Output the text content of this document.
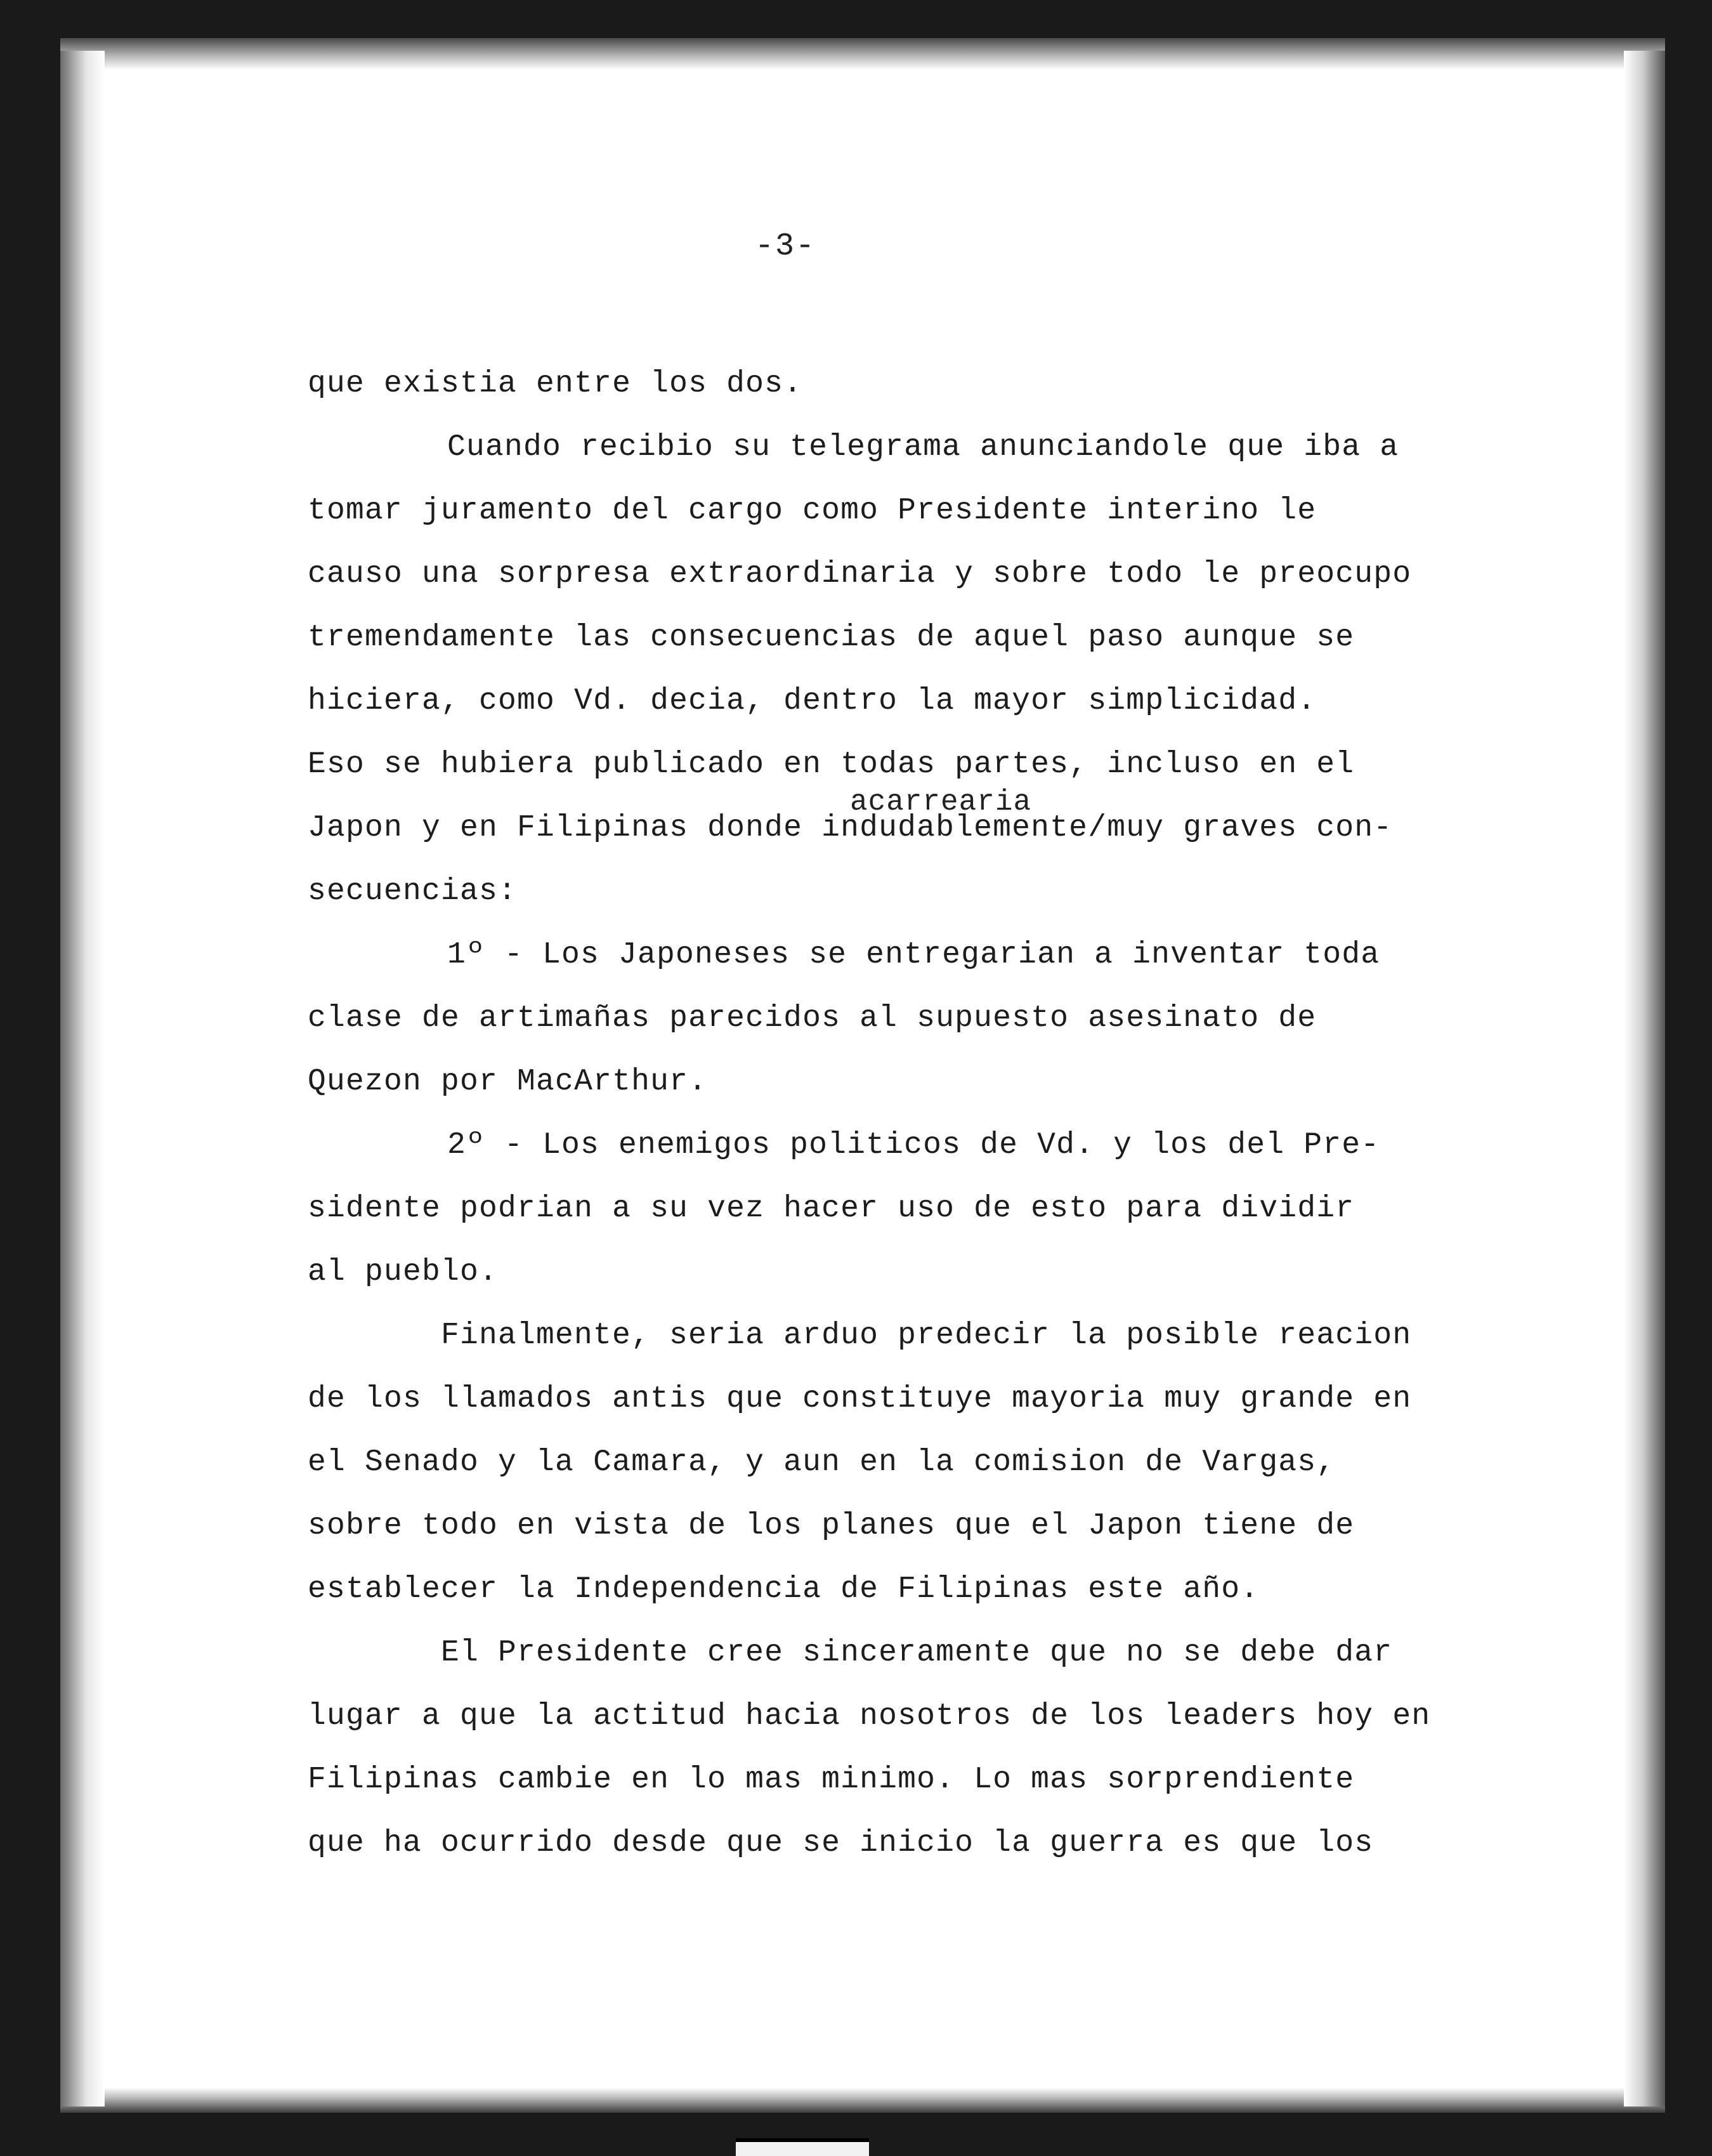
-3-
acarrearia
que existia entre los dos.
Cuando recibio su telegrama anunciandole que iba a
tomar juramento del cargo como Presidente interino le
causo una sorpresa extraordinaria y sobre todo le preocupo
tremendamente las consecuencias de aquel paso aunque se
hiciera, como Vd. decia, dentro la mayor simplicidad.
Eso se hubiera publicado en todas partes, incluso en el
Japon y en Filipinas donde indudablemente/muy graves con-
secuencias:
1º - Los Japoneses se entregarian a inventar toda
clase de artimañas parecidos al supuesto asesinato de
Quezon por MacArthur.
2º - Los enemigos politicos de Vd. y los del Pre-
sidente podrian a su vez hacer uso de esto para dividir
al pueblo.
Finalmente, seria arduo predecir la posible reacion
de los llamados antis que constituye mayoria muy grande en
el Senado y la Camara, y aun en la comision de Vargas,
sobre todo en vista de los planes que el Japon tiene de
establecer la Independencia de Filipinas este año.
El Presidente cree sinceramente que no se debe dar
lugar a que la actitud hacia nosotros de los leaders hoy en
Filipinas cambie en lo mas minimo. Lo mas sorprendiente
que ha ocurrido desde que se inicio la guerra es que los
